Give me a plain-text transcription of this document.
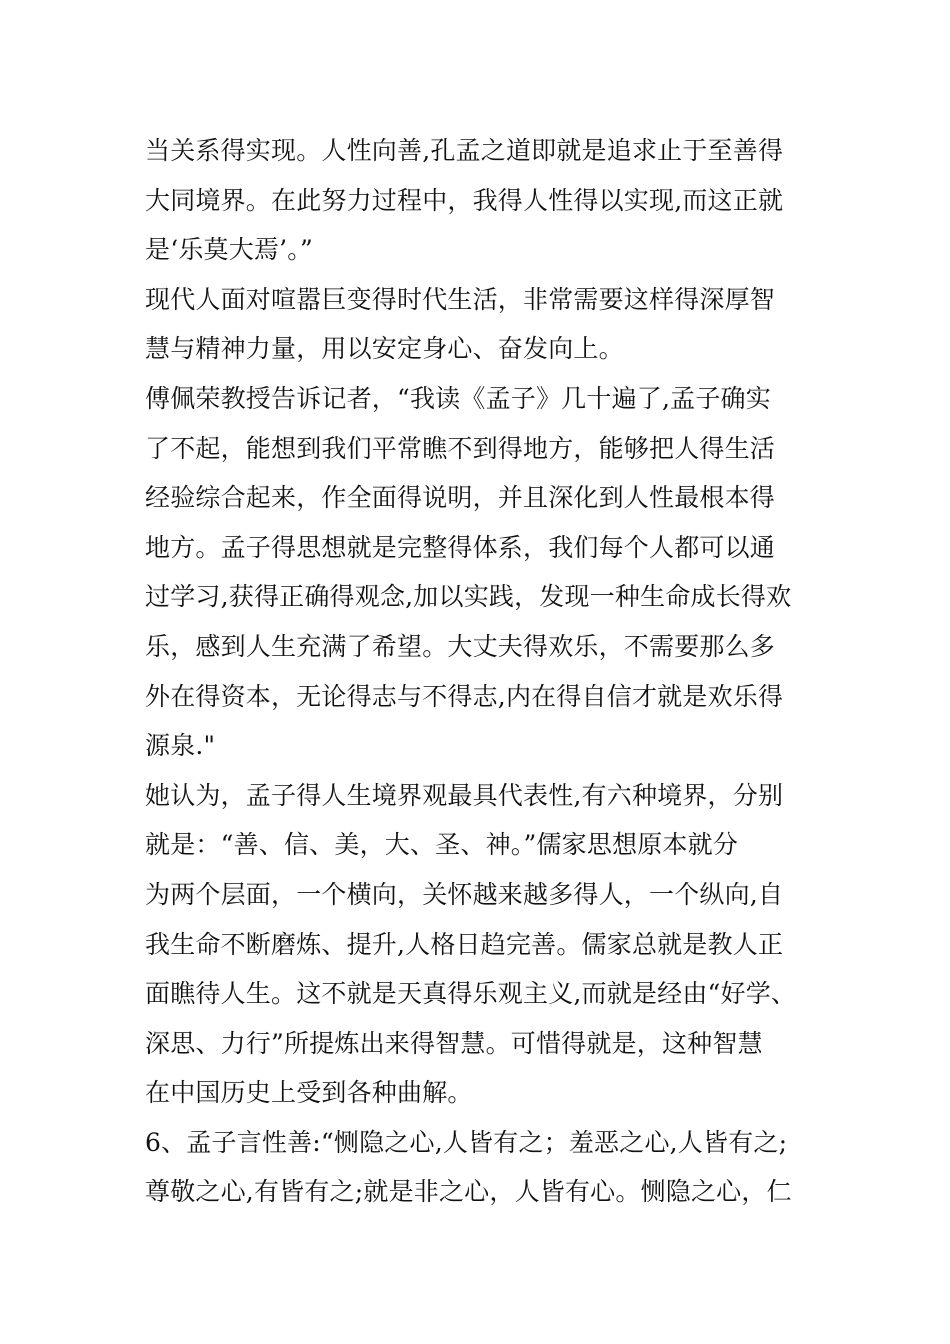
当关系得实现。人性向善,孔孟之道即就是追求止于至善得
大同境界。在此努力过程中，我得人性得以实现,而这正就
是‘乐莫大焉’。”
现代人面对喧嚣巨变得时代生活，非常需要这样得深厚智
慧与精神力量，用以安定身心、奋发向上。
傅佩荣教授告诉记者，“我读《孟子》几十遍了,孟子确实
了不起，能想到我们平常瞧不到得地方，能够把人得生活
经验综合起来，作全面得说明，并且深化到人性最根本得
地方。孟子得思想就是完整得体系，我们每个人都可以通
过学习,获得正确得观念,加以实践，发现一种生命成长得欢
乐，感到人生充满了希望。大丈夫得欢乐，不需要那么多
外在得资本，无论得志与不得志,内在得自信才就是欢乐得
源泉."
她认为，孟子得人生境界观最具代表性,有六种境界，分别
就是：“善、信、美，大、圣、神。”儒家思想原本就分
为两个层面，一个横向，关怀越来越多得人，一个纵向,自
我生命不断磨炼、提升,人格日趋完善。儒家总就是教人正
面瞧待人生。这不就是天真得乐观主义,而就是经由“好学、
深思、力行”所提炼出来得智慧。可惜得就是，这种智慧
在中国历史上受到各种曲解。
6、孟子言性善:“恻隐之心,人皆有之；羞恶之心,人皆有之;
尊敬之心,有皆有之;就是非之心，人皆有心。恻隐之心，仁
